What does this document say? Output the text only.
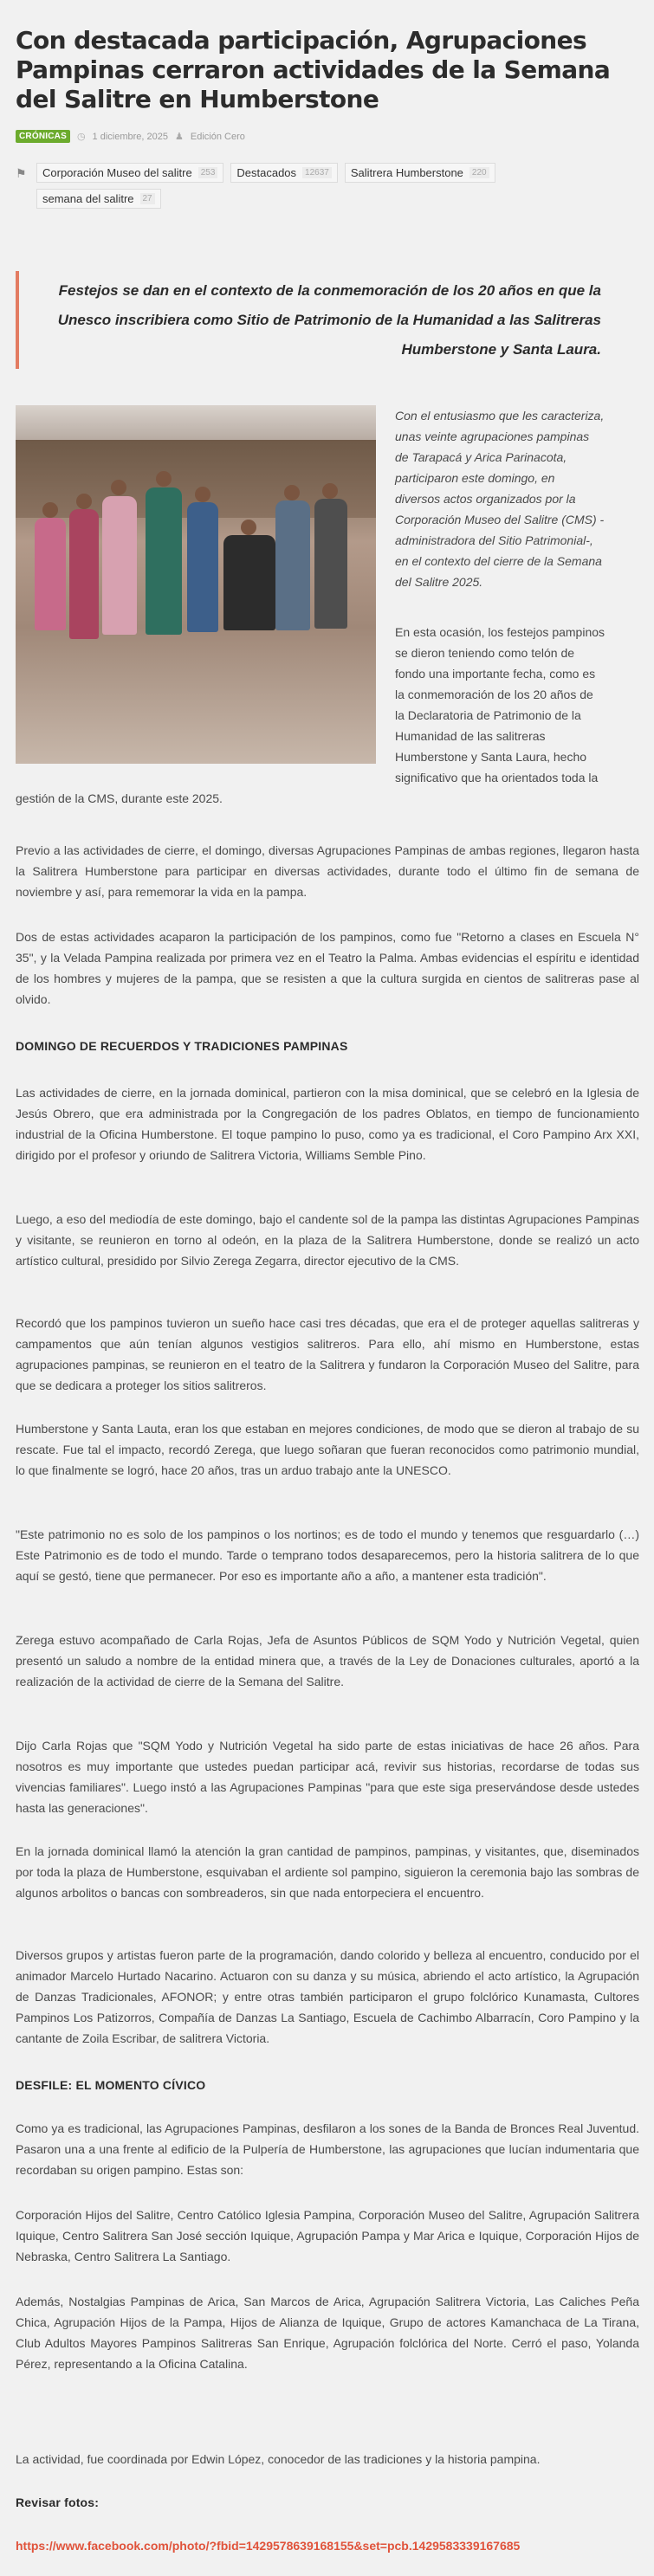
Con destacada participación, Agrupaciones Pampinas cerraron actividades de la Semana del Salitre en Humberstone
CRÓNICAS	◷ 1 diciembre, 2025 ♟ Edición Cero
⚑ Corporación Museo del salitre	253 Destacados	12637 Salitrera Humberstone	220
semana del salitre	27
Festejos se dan en el contexto de la conmemoración de los 20 años en que la Unesco inscribiera como Sitio de Patrimonio de la Humanidad a las Salitreras Humberstone y Santa Laura.

Con el entusiasmo que les caracteriza,
unas veinte agrupaciones pampinas
de Tarapacá y Arica Parinacota,
participaron este domingo, en
diversos actos organizados por la
Corporación Museo del Salitre (CMS) -
administradora del Sitio Patrimonial-,
en el contexto del cierre de la Semana
del Salitre 2025.

En esta ocasión, los festejos pampinos
se dieron teniendo como telón de
fondo una importante fecha, como es
la conmemoración de los 20 años de
la Declaratoria de Patrimonio de la
Humanidad de las salitreras
Humberstone y Santa Laura, hecho
significativo que ha orientados toda la

gestión de la CMS, durante este 2025.

Previo a las actividades de cierre, el domingo, diversas Agrupaciones Pampinas de ambas regiones, llegaron hasta la Salitrera Humberstone para participar en diversas actividades, durante todo el último fin de semana de noviembre y así, para rememorar la vida en la pampa.

Dos de estas actividades acaparon la participación de los pampinos, como fue "Retorno a clases en Escuela N° 35", y la Velada Pampina realizada por primera vez en el Teatro la Palma. Ambas evidencias el espíritu e identidad de los hombres y mujeres de la pampa, que se resisten a que la cultura surgida en cientos de salitreras pase al olvido.

DOMINGO DE RECUERDOS Y TRADICIONES PAMPINAS

Las actividades de cierre, en la jornada dominical, partieron con la misa dominical, que se celebró en la Iglesia de Jesús Obrero, que era administrada por la Congregación de los padres Oblatos, en tiempo de funcionamiento industrial de la Oficina Humberstone. El toque pampino lo puso, como ya es tradicional, el Coro Pampino Arx XXI, dirigido por el profesor y oriundo de Salitrera Victoria, Williams Semble Pino.

Luego, a eso del mediodía de este domingo, bajo el candente sol de la pampa las distintas Agrupaciones Pampinas y visitante, se reunieron en torno al odeón, en la plaza de la Salitrera Humberstone, donde se realizó un acto artístico cultural, presidido por Silvio Zerega Zegarra, director ejecutivo de la CMS.

Recordó que los pampinos tuvieron un sueño hace casi tres décadas, que era el de proteger aquellas salitreras y campamentos que aún tenían algunos vestigios salitreros. Para ello, ahí mismo en Humberstone, estas agrupaciones pampinas, se reunieron en el teatro de la Salitrera y fundaron la Corporación Museo del Salitre, para que se dedicara a proteger los sitios salitreros.

Humberstone y Santa Lauta, eran los que estaban en mejores condiciones, de modo que se dieron al trabajo de su rescate. Fue tal el impacto, recordó Zerega, que luego soñaran que fueran reconocidos como patrimonio mundial, lo que finalmente se logró, hace 20 años, tras un arduo trabajo ante la UNESCO.

"Este patrimonio no es solo de los pampinos o los nortinos; es de todo el mundo y tenemos que resguardarlo (…) Este Patrimonio es de todo el mundo. Tarde o temprano todos desaparecemos, pero la historia salitrera de lo que aquí se gestó, tiene que permanecer. Por eso es importante año a año, a mantener esta tradición".

Zerega estuvo acompañado de Carla Rojas, Jefa de Asuntos Públicos de SQM Yodo y Nutrición Vegetal, quien presentó un saludo a nombre de la entidad minera que, a través de la Ley de Donaciones culturales, aportó a la realización de la actividad de cierre de la Semana del Salitre.

Dijo Carla Rojas que "SQM Yodo y Nutrición Vegetal ha sido parte de estas iniciativas de hace 26 años. Para nosotros es muy importante que ustedes puedan participar acá, revivir sus historias, recordarse de todas sus vivencias familiares". Luego instó a las Agrupaciones Pampinas "para que este siga preservándose desde ustedes hasta las generaciones".

En la jornada dominical llamó la atención la gran cantidad de pampinos, pampinas, y visitantes, que, diseminados por toda la plaza de Humberstone, esquivaban el ardiente sol pampino, siguieron la ceremonia bajo las sombras de algunos arbolitos o bancas con sombreaderos, sin que nada entorpeciera el encuentro.

Diversos grupos y artistas fueron parte de la programación, dando colorido y belleza al encuentro, conducido por el animador Marcelo Hurtado Nacarino. Actuaron con su danza y su música, abriendo el acto artístico, la Agrupación de Danzas Tradicionales, AFONOR; y entre otras también participaron el grupo folclórico Kunamasta, Cultores Pampinos Los Patizorros, Compañía de Danzas La Santiago, Escuela de Cachimbo Albarracín, Coro Pampino y la cantante de Zoila Escribar, de salitrera Victoria.

DESFILE: EL MOMENTO CÍVICO

Como ya es tradicional, las Agrupaciones Pampinas, desfilaron a los sones de la Banda de Bronces Real Juventud. Pasaron una a una frente al edificio de la Pulpería de Humberstone, las agrupaciones que lucían indumentaria que recordaban su origen pampino. Estas son:

Corporación Hijos del Salitre, Centro Católico Iglesia Pampina, Corporación Museo del Salitre, Agrupación Salitrera Iquique, Centro Salitrera San José sección Iquique, Agrupación Pampa y Mar Arica e Iquique, Corporación Hijos de Nebraska, Centro Salitrera La Santiago.

Además, Nostalgias Pampinas de Arica, San Marcos de Arica, Agrupación Salitrera Victoria, Las Caliches Peña Chica, Agrupación Hijos de la Pampa, Hijos de Alianza de Iquique, Grupo de actores Kamanchaca de La Tirana, Club Adultos Mayores Pampinos Salitreras San Enrique, Agrupación folclórica del Norte. Cerró el paso, Yolanda Pérez, representando a la Oficina Catalina.

La actividad, fue coordinada por Edwin López, conocedor de las tradiciones y la historia pampina.

Revisar fotos:
https://www.facebook.com/photo/?fbid=1429578639168155&set=pcb.1429583339167685
